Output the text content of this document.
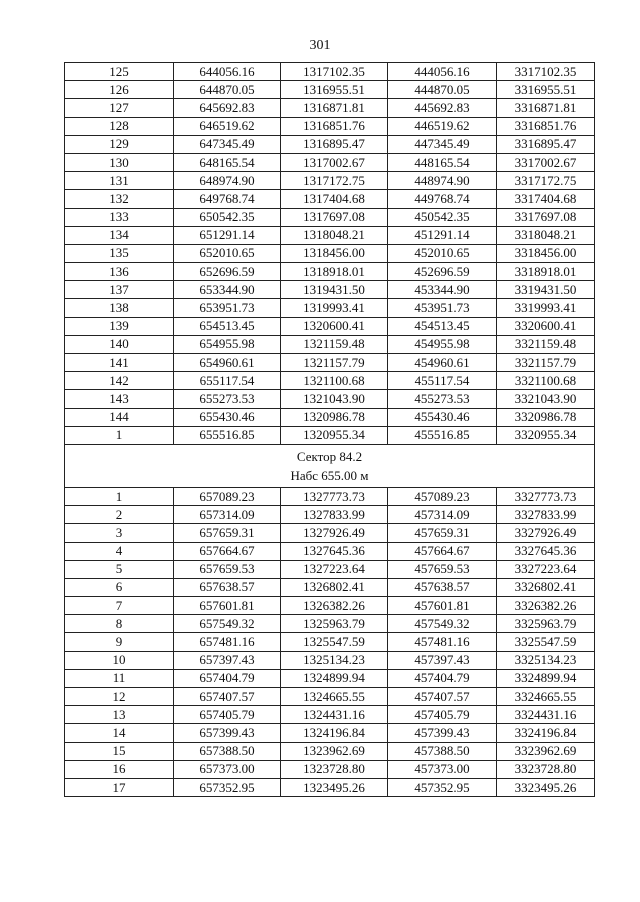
301
125	644056.16	1317102.35	444056.16	3317102.35
126	644870.05	1316955.51	444870.05	3316955.51
127	645692.83	1316871.81	445692.83	3316871.81
128	646519.62	1316851.76	446519.62	3316851.76
129	647345.49	1316895.47	447345.49	3316895.47
130	648165.54	1317002.67	448165.54	3317002.67
131	648974.90	1317172.75	448974.90	3317172.75
132	649768.74	1317404.68	449768.74	3317404.68
133	650542.35	1317697.08	450542.35	3317697.08
134	651291.14	1318048.21	451291.14	3318048.21
135	652010.65	1318456.00	452010.65	3318456.00
136	652696.59	1318918.01	452696.59	3318918.01
137	653344.90	1319431.50	453344.90	3319431.50
138	653951.73	1319993.41	453951.73	3319993.41
139	654513.45	1320600.41	454513.45	3320600.41
140	654955.98	1321159.48	454955.98	3321159.48
141	654960.61	1321157.79	454960.61	3321157.79
142	655117.54	1321100.68	455117.54	3321100.68
143	655273.53	1321043.90	455273.53	3321043.90
144	655430.46	1320986.78	455430.46	3320986.78
1	655516.85	1320955.34	455516.85	3320955.34

Сектор 84.2
Набс 655.00 м				

1	657089.23	1327773.73	457089.23	3327773.73
2	657314.09	1327833.99	457314.09	3327833.99
3	657659.31	1327926.49	457659.31	3327926.49
4	657664.67	1327645.36	457664.67	3327645.36
5	657659.53	1327223.64	457659.53	3327223.64
6	657638.57	1326802.41	457638.57	3326802.41
7	657601.81	1326382.26	457601.81	3326382.26
8	657549.32	1325963.79	457549.32	3325963.79
9	657481.16	1325547.59	457481.16	3325547.59
10	657397.43	1325134.23	457397.43	3325134.23
11	657404.79	1324899.94	457404.79	3324899.94
12	657407.57	1324665.55	457407.57	3324665.55
13	657405.79	1324431.16	457405.79	3324431.16
14	657399.43	1324196.84	457399.43	3324196.84
15	657388.50	1323962.69	457388.50	3323962.69
16	657373.00	1323728.80	457373.00	3323728.80
17	657352.95	1323495.26	457352.95	3323495.26
